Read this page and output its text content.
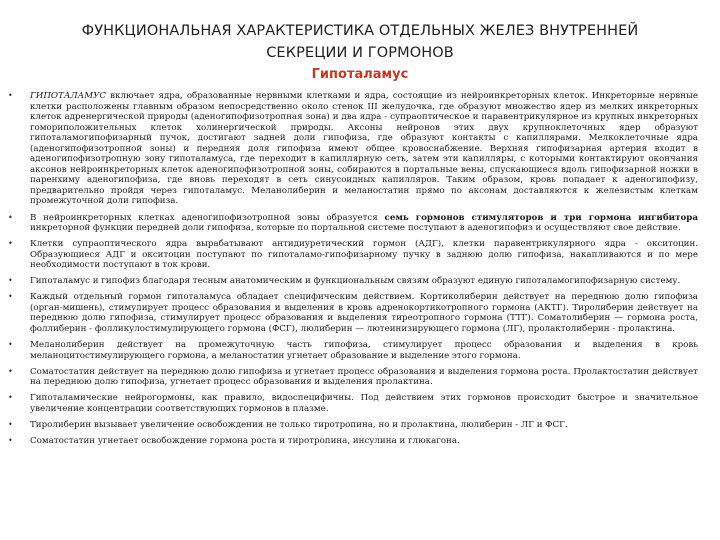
ФУНКЦИОНАЛЬНАЯ ХАРАКТЕРИСТИКА ОТДЕЛЬНЫХ ЖЕЛЕЗ ВНУТРЕННЕЙ
СЕКРЕЦИИ И ГОРМОНОВ
Гипоталамус
•	ГИПОТАЛАМУС включает ядра, образованные нервными клетками и ядра, состоящие из нейроинкреторных клеток. Инкреторные нервные клетки расположены главным образом непосредственно около стенок III желудочка, где образуют множество ядер из мелких инкреторных клеток адренергической природы (аденогипофизотропная зона) и два ядра - супраоптическое и паравентрикулярное из крупных инкреторных гомориположительных клеток холинергической природы. Аксоны нейронов этих двух крупноклеточных ядер образуют гипоталамогипофизарный пучок, достигают задней доли гипофиза, где образуют контакты с капиллярами. Мелкоклеточные ядра (аденогипофизотропной зоны) и передняя доля гипофиза имеют общее кровоснабжение. Верхняя гипофизарная артерия входит в аденогипофизотропную зону гипоталамуса, где переходит в капиллярную сеть, затем эти капилляры, с которыми контактируют окончания аксонов нейроинкреторных клеток аденогипофизотропной зоны, собираются в портальные вены, спускающиеся вдоль гипофизарной ножки в паренхиму аденогипофиза, где вновь переходят в сеть синусоидных капилляров. Таким образом, кровь попадает к аденогипофизу, предварительно пройдя через гипоталамус. Меланолиберин и меланостатин прямо по аксонам доставляются к железистым клеткам промежуточной доли гипофиза.
•	В нейроинкреторных клетках аденогипофизотропной зоны образуется семь гормонов стимуляторов и три гормона ингибитора инкреторной функции передней доли гипофиза, которые по портальной системе поступают в аденогипофиз и осуществляют свое действие.
•	Клетки супраоптического ядра вырабатывают антидиуретический гормон (АДГ), клетки паравентрикулярного ядра - окситоцин. Образующиеся АДГ и окситоцин поступают по гипоталамо-гипофизарному пучку в заднюю долю гипофиза, накапливаются и по мере необходимости поступают в ток крови.
•	Гипоталамус и гипофиз благодаря тесным анатомическим и функциональным связям образуют единую гипоталамогипофизарную систему.
•	Каждый отдельный гормон гипоталамуса обладает специфическим действием. Кортиколиберин действует на переднюю долю гипофиза (орган-мишень), стимулирует процесс образования и выделения в кровь адренокортикотропного гормона (АКТГ). Тиролиберин действует на переднюю долю гипофиза, стимулирует процесс образования и выделения тиреотропного гормона (ТТГ). Соматолиберин — гормона роста, фоллиберин - фолликулостимулирующего гормона (ФСГ), люлиберин — лютеинизирующего гормона (ЛГ), пролактолиберин - пролактина.
•	Меланолиберин действует на промежуточную часть гипофиза, стимулирует процесс образования и выделения в кровь меланоцитостимулирующего гормона, а меланостатин угнетает образование и выделение этого гормона.
•	Соматостатин действует на переднюю долю гипофиза и угнетает процесс образования и выделения гормона роста. Пролактостатин действует на переднюю долю гипофиза, угнетает процесс образования и выделения пролактина.
•	Гипоталамические нейрогормоны, как правило, видоспецифичны. Под действием этих гормонов происходит быстрое и значительное увеличение концентрации соответствующих гормонов в плазме.
•	Тиролиберин вызывает увеличение освобождения не только тиротропина, но и пролактина, люлиберин - ЛГ и ФСГ.
•	Соматостатин угнетает освобождение гормона роста и тиротропина, инсулина и глюкагона.
